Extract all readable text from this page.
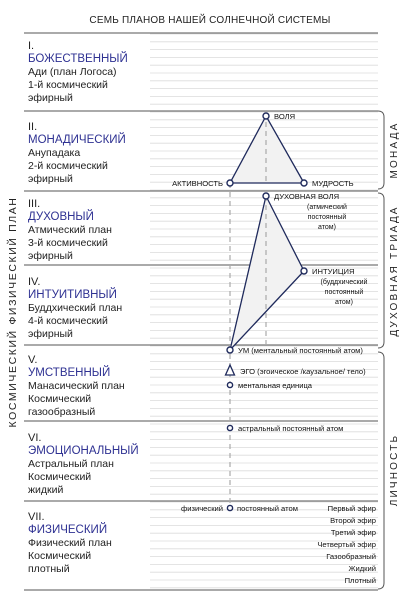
СЕМЬ ПЛАНОВ НАШЕЙ СОЛНЕЧНОЙ СИСТЕМЫ
КОСМИЧЕСКИЙ ФИЗИЧЕСКИЙ ПЛАН
I.
БОЖЕСТВЕННЫЙ
Ади (план Логоса)
1-й космический
эфирный
II.
МОНАДИЧЕСКИЙ
Анупадака
2-й космический
эфирный
III.
ДУХОВНЫЙ
Атмический план
3-й космический
эфирный
IV.
ИНТУИТИВНЫЙ
Буддхический план
4-й космический
эфирный
V.
УМСТВЕННЫЙ
Манасический план
Космический
газообразный
VI.
ЭМОЦИОНАЛЬНЫЙ
Астральный план
Космический
жидкий
VII.
ФИЗИЧЕСКИЙ
Физический план
Космический
плотный
ВОЛЯ
АКТИВНОСТЬ	МУДРОСТЬ
ДУХОВНАЯ ВОЛЯ
(атмический
постоянный
атом)
ИНТУИЦИЯ
(буддхический
постоянный
атом)
УМ (ментальный постоянный атом)
ЭГО (эгоическое /каузальное/ тело)
ментальная единица
астральный постоянный атом
физический постоянный атом	Первый эфир
Второй эфир
Третий эфир
Четвертый эфир
Газообразный
Жидкий
Плотный
МОНАДА
ДУХОВНАЯ ТРИАДА
ЛИЧНОСТЬ
